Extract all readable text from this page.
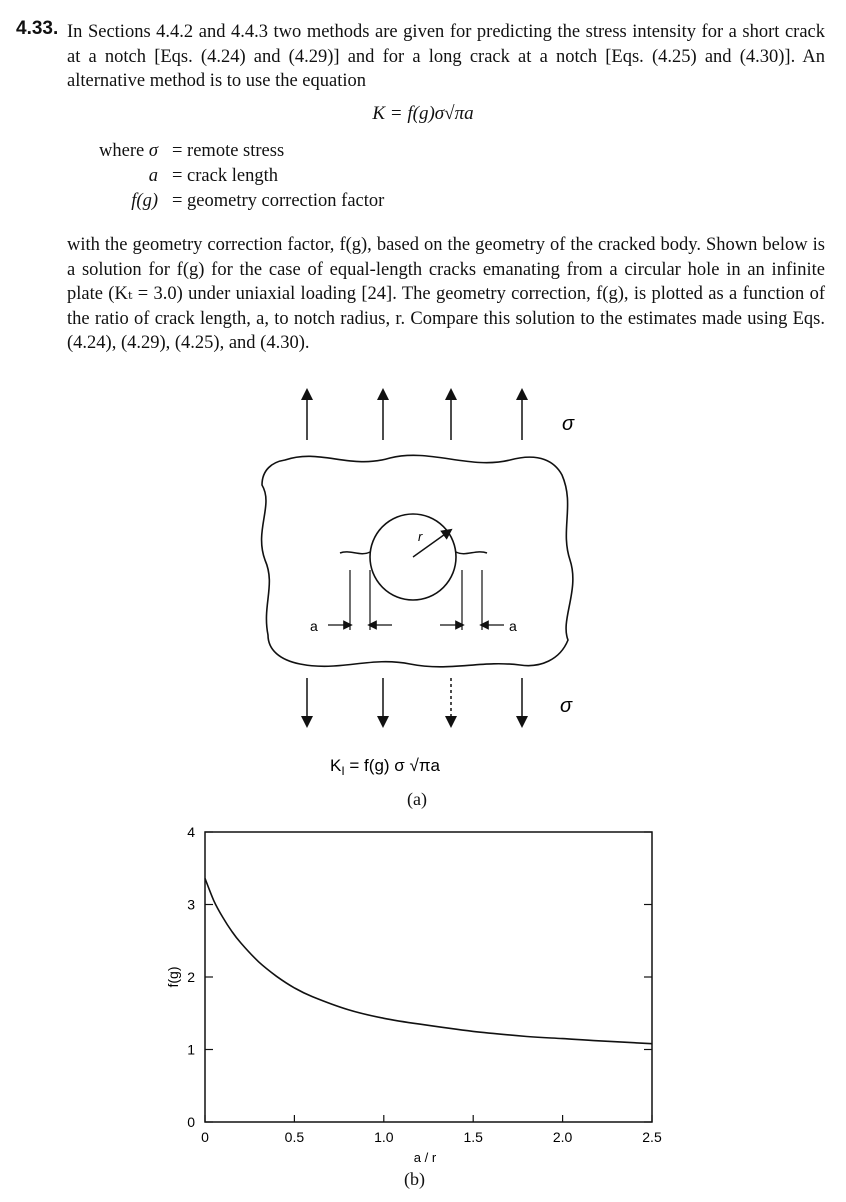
4.33. In Sections 4.4.2 and 4.4.3 two methods are given for predicting the stress intensity for a short crack at a notch [Eqs. (4.24) and (4.29)] and for a long crack at a notch [Eqs. (4.25) and (4.30)]. An alternative method is to use the equation

K = f(g)σ√πa
where σ = remote stress
a = crack length
f(g) = geometry correction factor

with the geometry correction factor, f(g), based on the geometry of the cracked body. Shown below is a solution for f(g) for the case of equal-length cracks emanating from a circular hole in an infinite plate (Kₜ = 3.0) under uniaxial loading [24]. The geometry correction, f(g), is plotted as a function of the ratio of crack length, a, to notch radius, r. Compare this solution to the estimates made using Eqs. (4.24), (4.29), (4.25), and (4.30).

σ
r
a	a
σ
$K_I = f(g)$ σ √πa
(a)
0	0.5	1.0	1.5	2.0	2.5
0
1
2
3
4
a / r
f(g)
(b)
